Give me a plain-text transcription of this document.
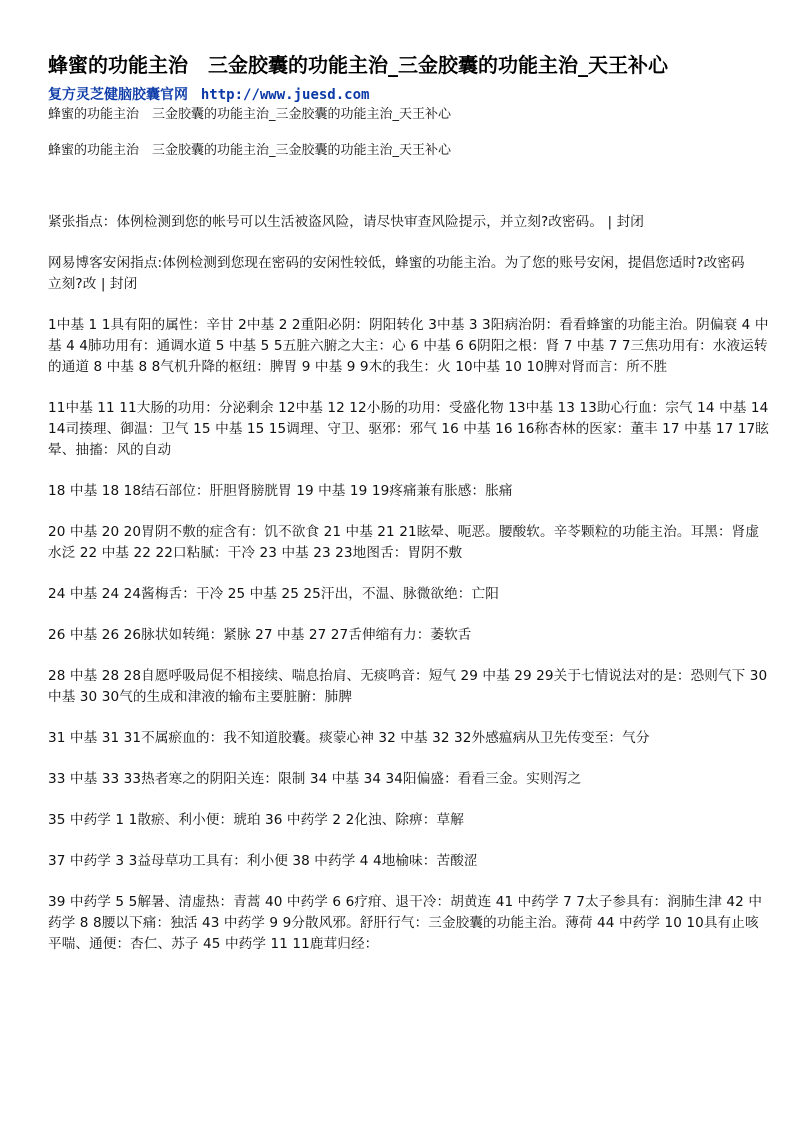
蜂蜜的功能主治　三金胶囊的功能主治_三金胶囊的功能主治_天王补心
复方灵芝健脑胶囊官网 http://www.juesd.com

蜂蜜的功能主治　三金胶囊的功能主治_三金胶囊的功能主治_天王补心

蜂蜜的功能主治　三金胶囊的功能主治_三金胶囊的功能主治_天王补心

紧张指点：体例检测到您的帐号可以生活被盗风险，请尽快审查风险提示，并立刻?改密码。 | 封闭

网易博客安闲指点:体例检测到您现在密码的安闲性较低，蜂蜜的功能主治。为了您的账号安闲，提倡您适时?改密码　立刻?改 | 封闭

1中基 1 1具有阳的属性：辛甘 2中基 2 2重阳必阴：阴阳转化 3中基 3 3阳病治阴：看看蜂蜜的功能主治。阴偏衰 4 中基 4 4肺功用有：通调水道 5 中基 5 5五脏六腑之大主：心 6 中基 6 6阴阳之根：肾 7 中基 7 7三焦功用有：水液运转的通道 8 中基 8 8气机升降的枢纽：脾胃 9 中基 9 9木的我生：火 10中基 10 10脾对肾而言：所不胜

11中基 11 11大肠的功用：分泌剩余 12中基 12 12小肠的功用：受盛化物 13中基 13 13助心行血：宗气 14 中基 14 14司揍理、御温：卫气 15 中基 15 15调理、守卫、驱邪：邪气 16 中基 16 16称杏林的医家：董丰 17 中基 17 17眩晕、抽搐：风的自动

18 中基 18 18结石部位：肝胆肾膀胱胃 19 中基 19 19疼痛兼有胀感：胀痛

20 中基 20 20胃阴不敷的症含有：饥不欲食 21 中基 21 21眩晕、呃恶。腰酸软。辛苓颗粒的功能主治。耳黑：肾虚水泛 22 中基 22 22口粘腻：干冷 23 中基 23 23地图舌：胃阴不敷

24 中基 24 24酱梅舌：干冷 25 中基 25 25汗出，不温、脉微欲绝：亡阳

26 中基 26 26脉状如转绳：紧脉 27 中基 27 27舌伸缩有力：萎软舌

28 中基 28 28自愿呼吸局促不相接续、喘息抬肩、无痰鸣音：短气 29 中基 29 29关于七情说法对的是：恐则气下 30 中基 30 30气的生成和津液的输布主要脏腑：肺脾

31 中基 31 31不属瘀血的：我不知道胶囊。痰蒙心神 32 中基 32 32外感瘟病从卫先传变至：气分

33 中基 33 33热者寒之的阴阳关连：限制 34 中基 34 34阳偏盛：看看三金。实则泻之

35 中药学 1 1散瘀、利小便：琥珀 36 中药学 2 2化浊、除痹：草解

37 中药学 3 3益母草功工具有：利小便 38 中药学 4 4地榆味：苦酸涩

39 中药学 5 5解暑、清虚热：青蒿 40 中药学 6 6疗疳、退干冷：胡黄连 41 中药学 7 7太子参具有：润肺生津 42 中药学 8 8腰以下痛：独活 43 中药学 9 9分散风邪。舒肝行气：三金胶囊的功能主治。薄荷 44 中药学 10 10具有止咳平喘、通便：杏仁、苏子 45 中药学 11 11鹿茸归经：
